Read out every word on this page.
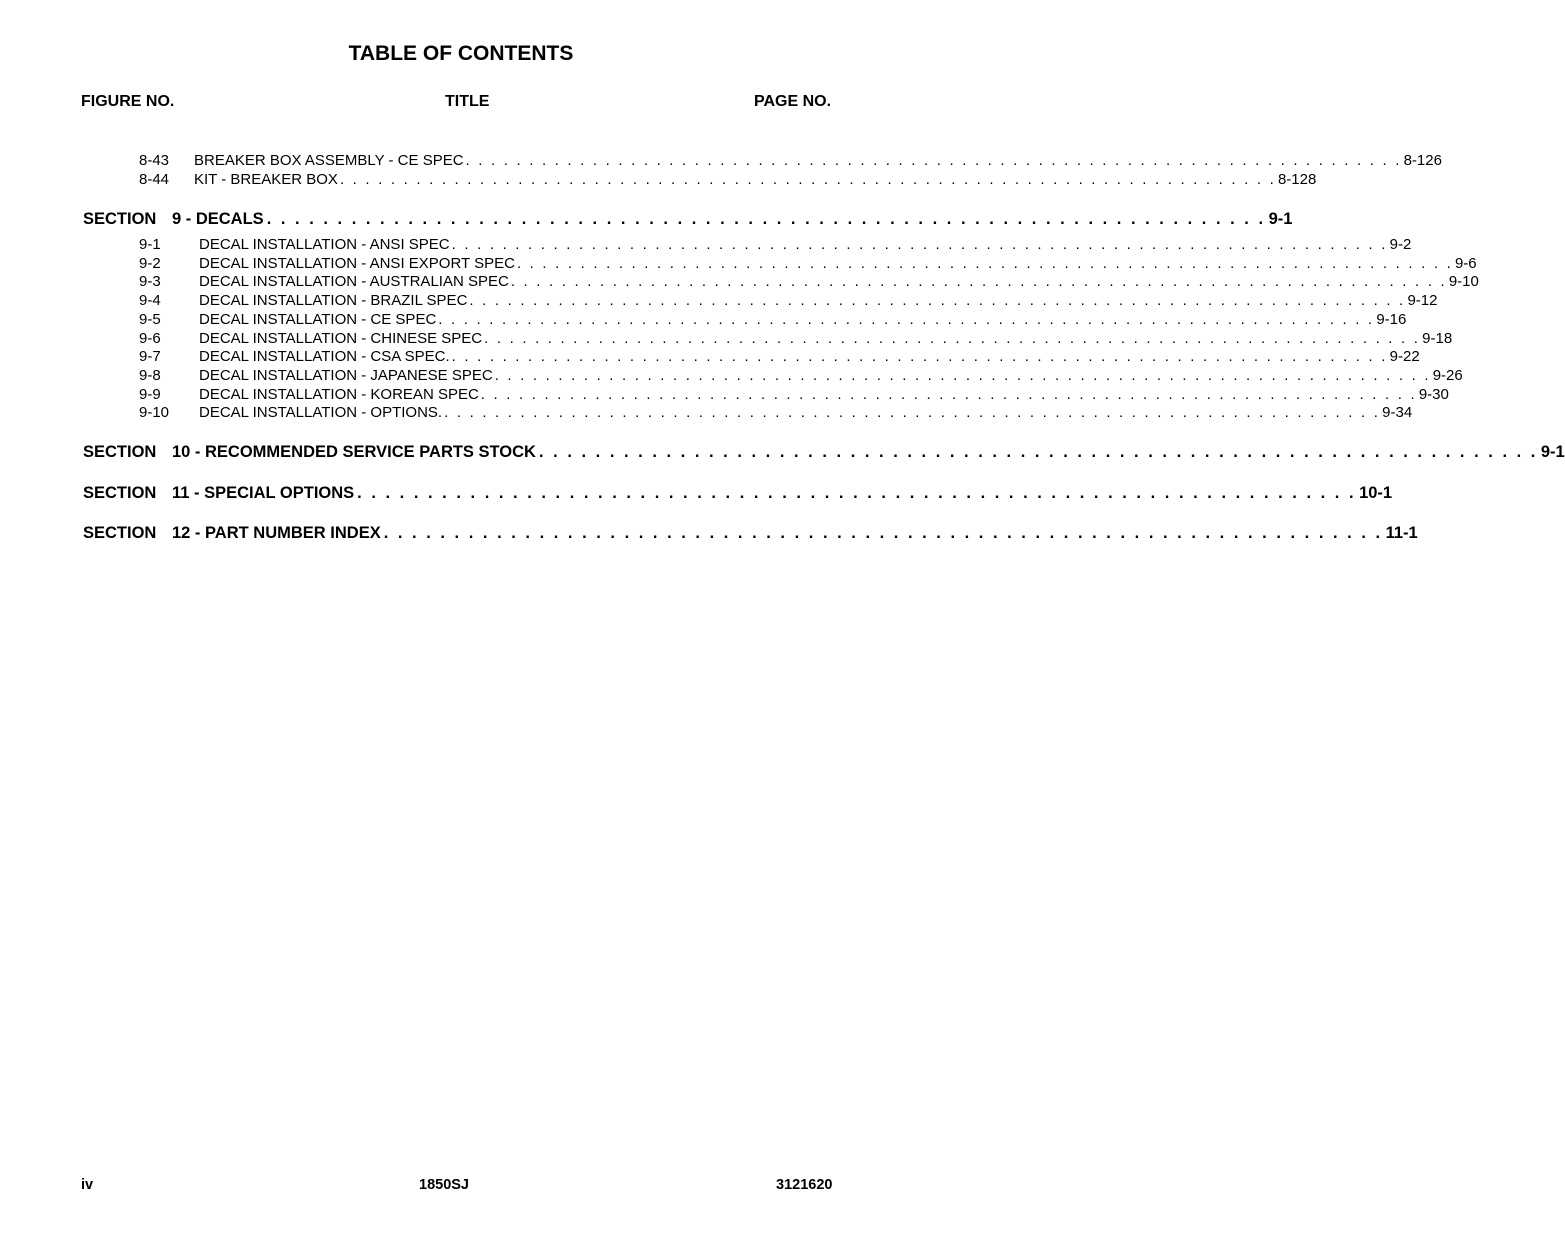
TABLE OF CONTENTS
FIGURE NO.	TITLE	PAGE NO.
8-43 BREAKER BOX ASSEMBLY - CE SPEC . . . . . . . . . . . . . . . . . . . . . . . . . . . . . . . . . . . . . . . . . . . . . . . . . . . . . . . . . . . . . . . . . . . . . . . . . . 8-126
8-44 KIT - BREAKER BOX . . . . . . . . . . . . . . . . . . . . . . . . . . . . . . . . . . . . . . . . . . . . . . . . . . . . . . . . . . . . . . . . . . . . . . . . . . 8-128
SECTION 9 - DECALS . . . . . . . . . . . . . . . . . . . . . . . . . . . . . . . . . . . . . . . . . . . . . . . . . . . . . . . . . . . . . . . . . . . . . . . 9-1
9-1	DECAL INSTALLATION - ANSI SPEC . . . . . . . . . . . . . . . . . . . . . . . . . . . . . . . . . . . . . . . . . . . . . . . . . . . . . . . . . . . . . . . . . . . . . . . . . . 9-2
9-2	DECAL INSTALLATION - ANSI EXPORT SPEC . . . . . . . . . . . . . . . . . . . . . . . . . . . . . . . . . . . . . . . . . . . . . . . . . . . . . . . . . . . . . . . . . . . . . . . . . . 9-6
9-3	DECAL INSTALLATION - AUSTRALIAN SPEC . . . . . . . . . . . . . . . . . . . . . . . . . . . . . . . . . . . . . . . . . . . . . . . . . . . . . . . . . . . . . . . . . . . . . . . . . . 9-10
9-4	DECAL INSTALLATION - BRAZIL SPEC . . . . . . . . . . . . . . . . . . . . . . . . . . . . . . . . . . . . . . . . . . . . . . . . . . . . . . . . . . . . . . . . . . . . . . . . . . 9-12
9-5	DECAL INSTALLATION - CE SPEC . . . . . . . . . . . . . . . . . . . . . . . . . . . . . . . . . . . . . . . . . . . . . . . . . . . . . . . . . . . . . . . . . . . . . . . . . . 9-16
9-6	DECAL INSTALLATION - CHINESE SPEC . . . . . . . . . . . . . . . . . . . . . . . . . . . . . . . . . . . . . . . . . . . . . . . . . . . . . . . . . . . . . . . . . . . . . . . . . . 9-18
9-7	DECAL INSTALLATION - CSA SPEC. . . . . . . . . . . . . . . . . . . . . . . . . . . . . . . . . . . . . . . . . . . . . . . . . . . . . . . . . . . . . . . . . . . . . . . . . . . 9-22
9-8	DECAL INSTALLATION - JAPANESE SPEC . . . . . . . . . . . . . . . . . . . . . . . . . . . . . . . . . . . . . . . . . . . . . . . . . . . . . . . . . . . . . . . . . . . . . . . . . . 9-26
9-9	DECAL INSTALLATION - KOREAN SPEC . . . . . . . . . . . . . . . . . . . . . . . . . . . . . . . . . . . . . . . . . . . . . . . . . . . . . . . . . . . . . . . . . . . . . . . . . . 9-30
9-10 DECAL INSTALLATION - OPTIONS. . . . . . . . . . . . . . . . . . . . . . . . . . . . . . . . . . . . . . . . . . . . . . . . . . . . . . . . . . . . . . . . . . . . . . . . . . . 9-34
SECTION 10 - RECOMMENDED SERVICE PARTS STOCK . . . . . . . . . . . . . . . . . . . . . . . . . . . . . . . . . . . . . . . . . . . . . . . . . . . . . . . . . . . . . . . . . . . . . . . 9-1
SECTION 11 - SPECIAL OPTIONS . . . . . . . . . . . . . . . . . . . . . . . . . . . . . . . . . . . . . . . . . . . . . . . . . . . . . . . . . . . . . . . . . . . . . . . 10-1
SECTION 12 - PART NUMBER INDEX . . . . . . . . . . . . . . . . . . . . . . . . . . . . . . . . . . . . . . . . . . . . . . . . . . . . . . . . . . . . . . . . . . . . . . . 11-1
iv	1850SJ	3121620
